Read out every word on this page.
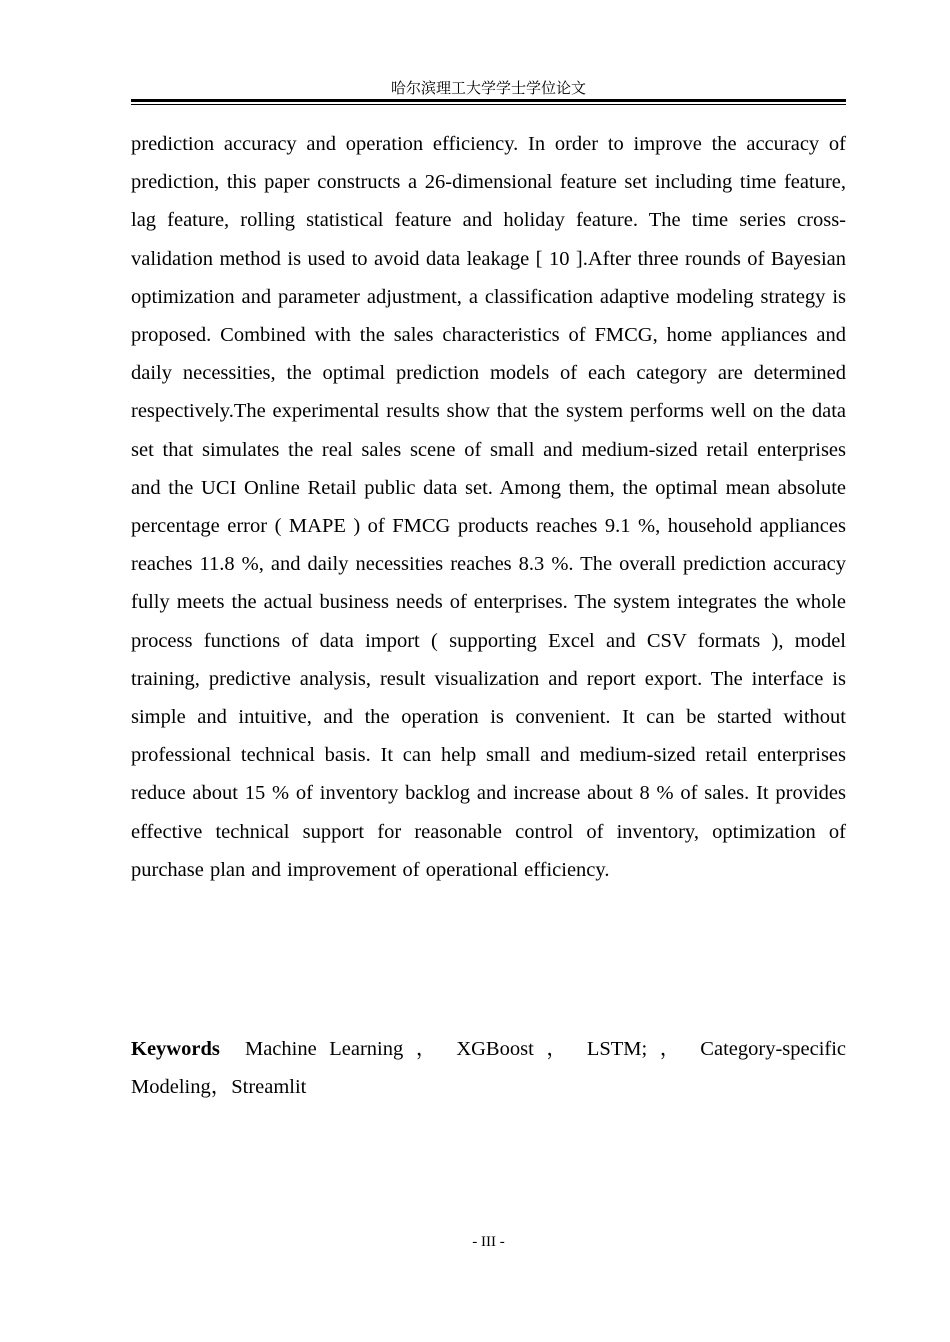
哈尔滨理工大学学士学位论文

prediction accuracy and operation efficiency. In order to improve the accuracy of prediction, this paper constructs a 26-dimensional feature set including time feature, lag feature, rolling statistical feature and holiday feature. The time series cross-validation method is used to avoid data leakage [ 10 ].After three rounds of Bayesian optimization and parameter adjustment, a classification adaptive modeling strategy is proposed. Combined with the sales characteristics of FMCG, home appliances and daily necessities, the optimal prediction models of each category are determined respectively.The experimental results show that the system performs well on the data set that simulates the real sales scene of small and medium-sized retail enterprises and the UCI Online Retail public data set. Among them, the optimal mean absolute percentage error ( MAPE ) of FMCG products reaches 9.1 %, household appliances reaches 11.8 %, and daily necessities reaches 8.3 %. The overall prediction accuracy fully meets the actual business needs of enterprises. The system integrates the whole process functions of data import ( supporting Excel and CSV formats ), model training, predictive analysis, result visualization and report export. The interface is simple and intuitive, and the operation is convenient. It can be started without professional technical basis. It can help small and medium-sized retail enterprises reduce about 15 % of inventory backlog and increase about 8 % of sales. It provides effective technical support for reasonable control of inventory, optimization of purchase plan and improvement of operational efficiency.

Keywords Machine Learning ， XGBoost ， LSTM; ， Category-specific Modeling，Streamlit

- III -
